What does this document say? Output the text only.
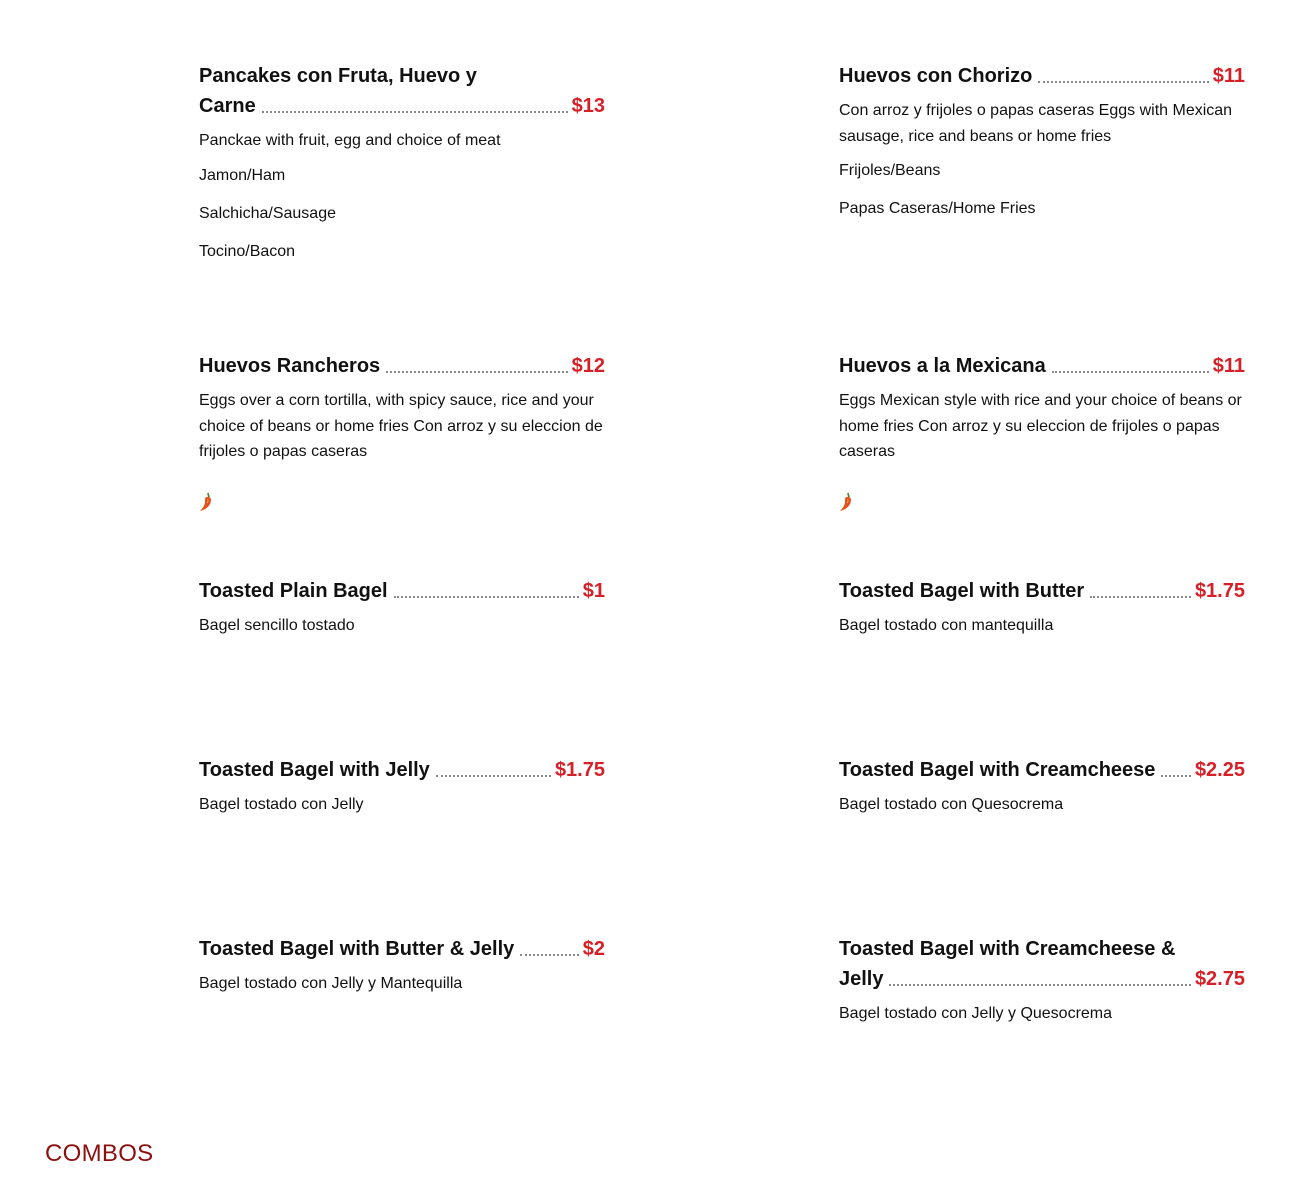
Pancakes con Fruta, Huevo y
Carne	$13
Panckae with fruit, egg and choice of meat
Jamon/Ham
Salchicha/Sausage
Tocino/Bacon
Huevos con Chorizo	$11
Con arroz y frijoles o papas caseras Eggs with Mexican sausage, rice and beans or home fries
Frijoles/Beans
Papas Caseras/Home Fries
Huevos Rancheros	$12
Eggs over a corn tortilla, with spicy sauce, rice and your choice of beans or home fries Con arroz y su eleccion de frijoles o papas caseras
Huevos a la Mexicana	$11
Eggs Mexican style with rice and your choice of beans or home fries Con arroz y su eleccion de frijoles o papas caseras
Toasted Plain Bagel	$1
Bagel sencillo tostado
Toasted Bagel with Butter	$1.75
Bagel tostado con mantequilla
Toasted Bagel with Jelly	$1.75
Bagel tostado con Jelly
Toasted Bagel with Creamcheese $2.25
Bagel tostado con Quesocrema
Toasted Bagel with Butter & Jelly	$2
Bagel tostado con Jelly y Mantequilla
Toasted Bagel with Creamcheese &
Jelly	$2.75
Bagel tostado con Jelly y Quesocrema
COMBOS
